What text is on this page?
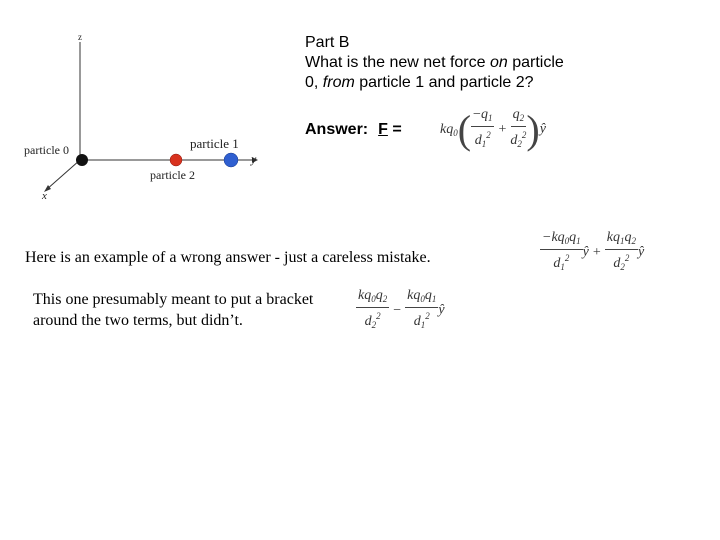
Part B
What is the new net force on particle
0, from particle 1 and particle 2?
Answer: F =	$kq_0( \frac{-q_1}{d_1^2} + \frac{q_2}{d_2^2}$ )ŷ
z
y
x
particle 0	particle 1
particle 2
Here is an example of a wrong answer - just a careless mistake.	$\frac{-kq_0q_1}{d_1^2}$ ŷ + $\frac{kq_1q_2}{d_2^2}$ ŷ
This one presumably meant to put a bracket
around the two terms, but didn’t.	$\frac{kq_0q_2}{d_2^2} - \frac{kq_0q_1}{d_1^2}$ ŷ
